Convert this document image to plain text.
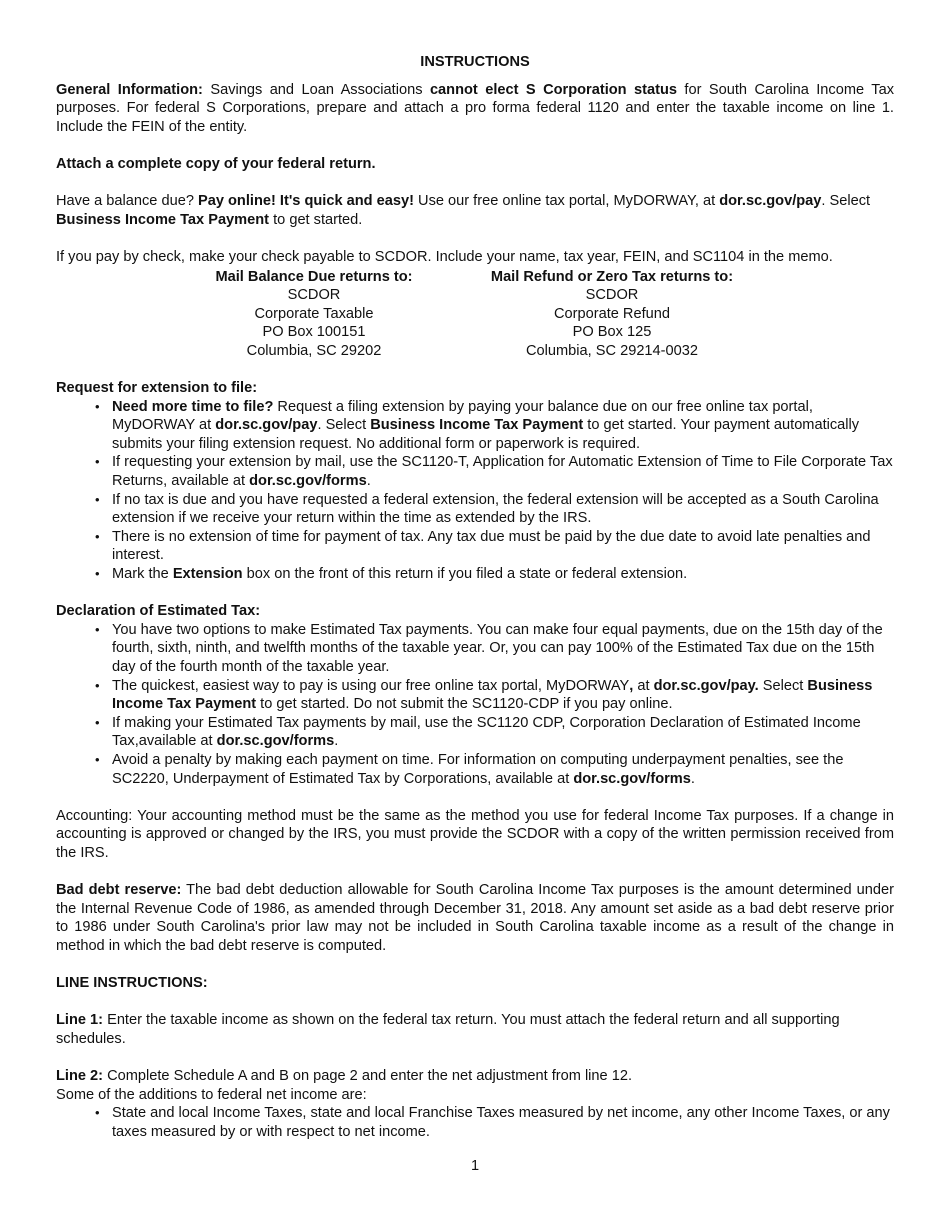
INSTRUCTIONS

General Information: Savings and Loan Associations cannot elect S Corporation status for South Carolina Income Tax purposes. For federal S Corporations, prepare and attach a pro forma federal 1120 and enter the taxable income on line 1. Include the FEIN of the entity.

Attach a complete copy of your federal return.

Have a balance due? Pay online! It's quick and easy! Use our free online tax portal, MyDORWAY, at dor.sc.gov/pay. Select Business Income Tax Payment to get started.

If you pay by check, make your check payable to SCDOR. Include your name, tax year, FEIN, and SC1104 in the memo.

Mail Balance Due returns to:
SCDOR
Corporate Taxable
PO Box 100151
Columbia, SC 29202
Mail Refund or Zero Tax returns to:
SCDOR
Corporate Refund
PO Box 125
Columbia, SC 29214-0032

Request for extension to file:

• Need more time to file? Request a filing extension by paying your balance due on our free online tax portal, MyDORWAY at dor.sc.gov/pay. Select Business Income Tax Payment to get started. Your payment automatically submits your filing extension request. No additional form or paperwork is required.
• If requesting your extension by mail, use the SC1120-T, Application for Automatic Extension of Time to File Corporate Tax Returns, available at dor.sc.gov/forms.
• If no tax is due and you have requested a federal extension, the federal extension will be accepted as a South Carolina extension if we receive your return within the time as extended by the IRS.
• There is no extension of time for payment of tax. Any tax due must be paid by the due date to avoid late penalties and interest.
• Mark the Extension box on the front of this return if you filed a state or federal extension.

Declaration of Estimated Tax:

• You have two options to make Estimated Tax payments. You can make four equal payments, due on the 15th day of the fourth, sixth, ninth, and twelfth months of the taxable year. Or, you can pay 100% of the Estimated Tax due on the 15th day of the fourth month of the taxable year.
• The quickest, easiest way to pay is using our free online tax portal, MyDORWAY, at dor.sc.gov/pay. Select Business Income Tax Payment to get started. Do not submit the SC1120-CDP if you pay online.
• If making your Estimated Tax payments by mail, use the SC1120 CDP, Corporation Declaration of Estimated Income Tax,available at dor.sc.gov/forms.
• Avoid a penalty by making each payment on time. For information on computing underpayment penalties, see the SC2220, Underpayment of Estimated Tax by Corporations, available at dor.sc.gov/forms.

Accounting: Your accounting method must be the same as the method you use for federal Income Tax purposes. If a change in accounting is approved or changed by the IRS, you must provide the SCDOR with a copy of the written permission received from the IRS.

Bad debt reserve: The bad debt deduction allowable for South Carolina Income Tax purposes is the amount determined under the Internal Revenue Code of 1986, as amended through December 31, 2018. Any amount set aside as a bad debt reserve prior to 1986 under South Carolina's prior law may not be included in South Carolina taxable income as a result of the change in method in which the bad debt reserve is computed.

LINE INSTRUCTIONS:

Line 1: Enter the taxable income as shown on the federal tax return. You must attach the federal return and all supporting schedules.

Line 2: Complete Schedule A and B on page 2 and enter the net adjustment from line 12.

Some of the additions to federal net income are:

• State and local Income Taxes, state and local Franchise Taxes measured by net income, any other Income Taxes, or any taxes measured by or with respect to net income.
1
